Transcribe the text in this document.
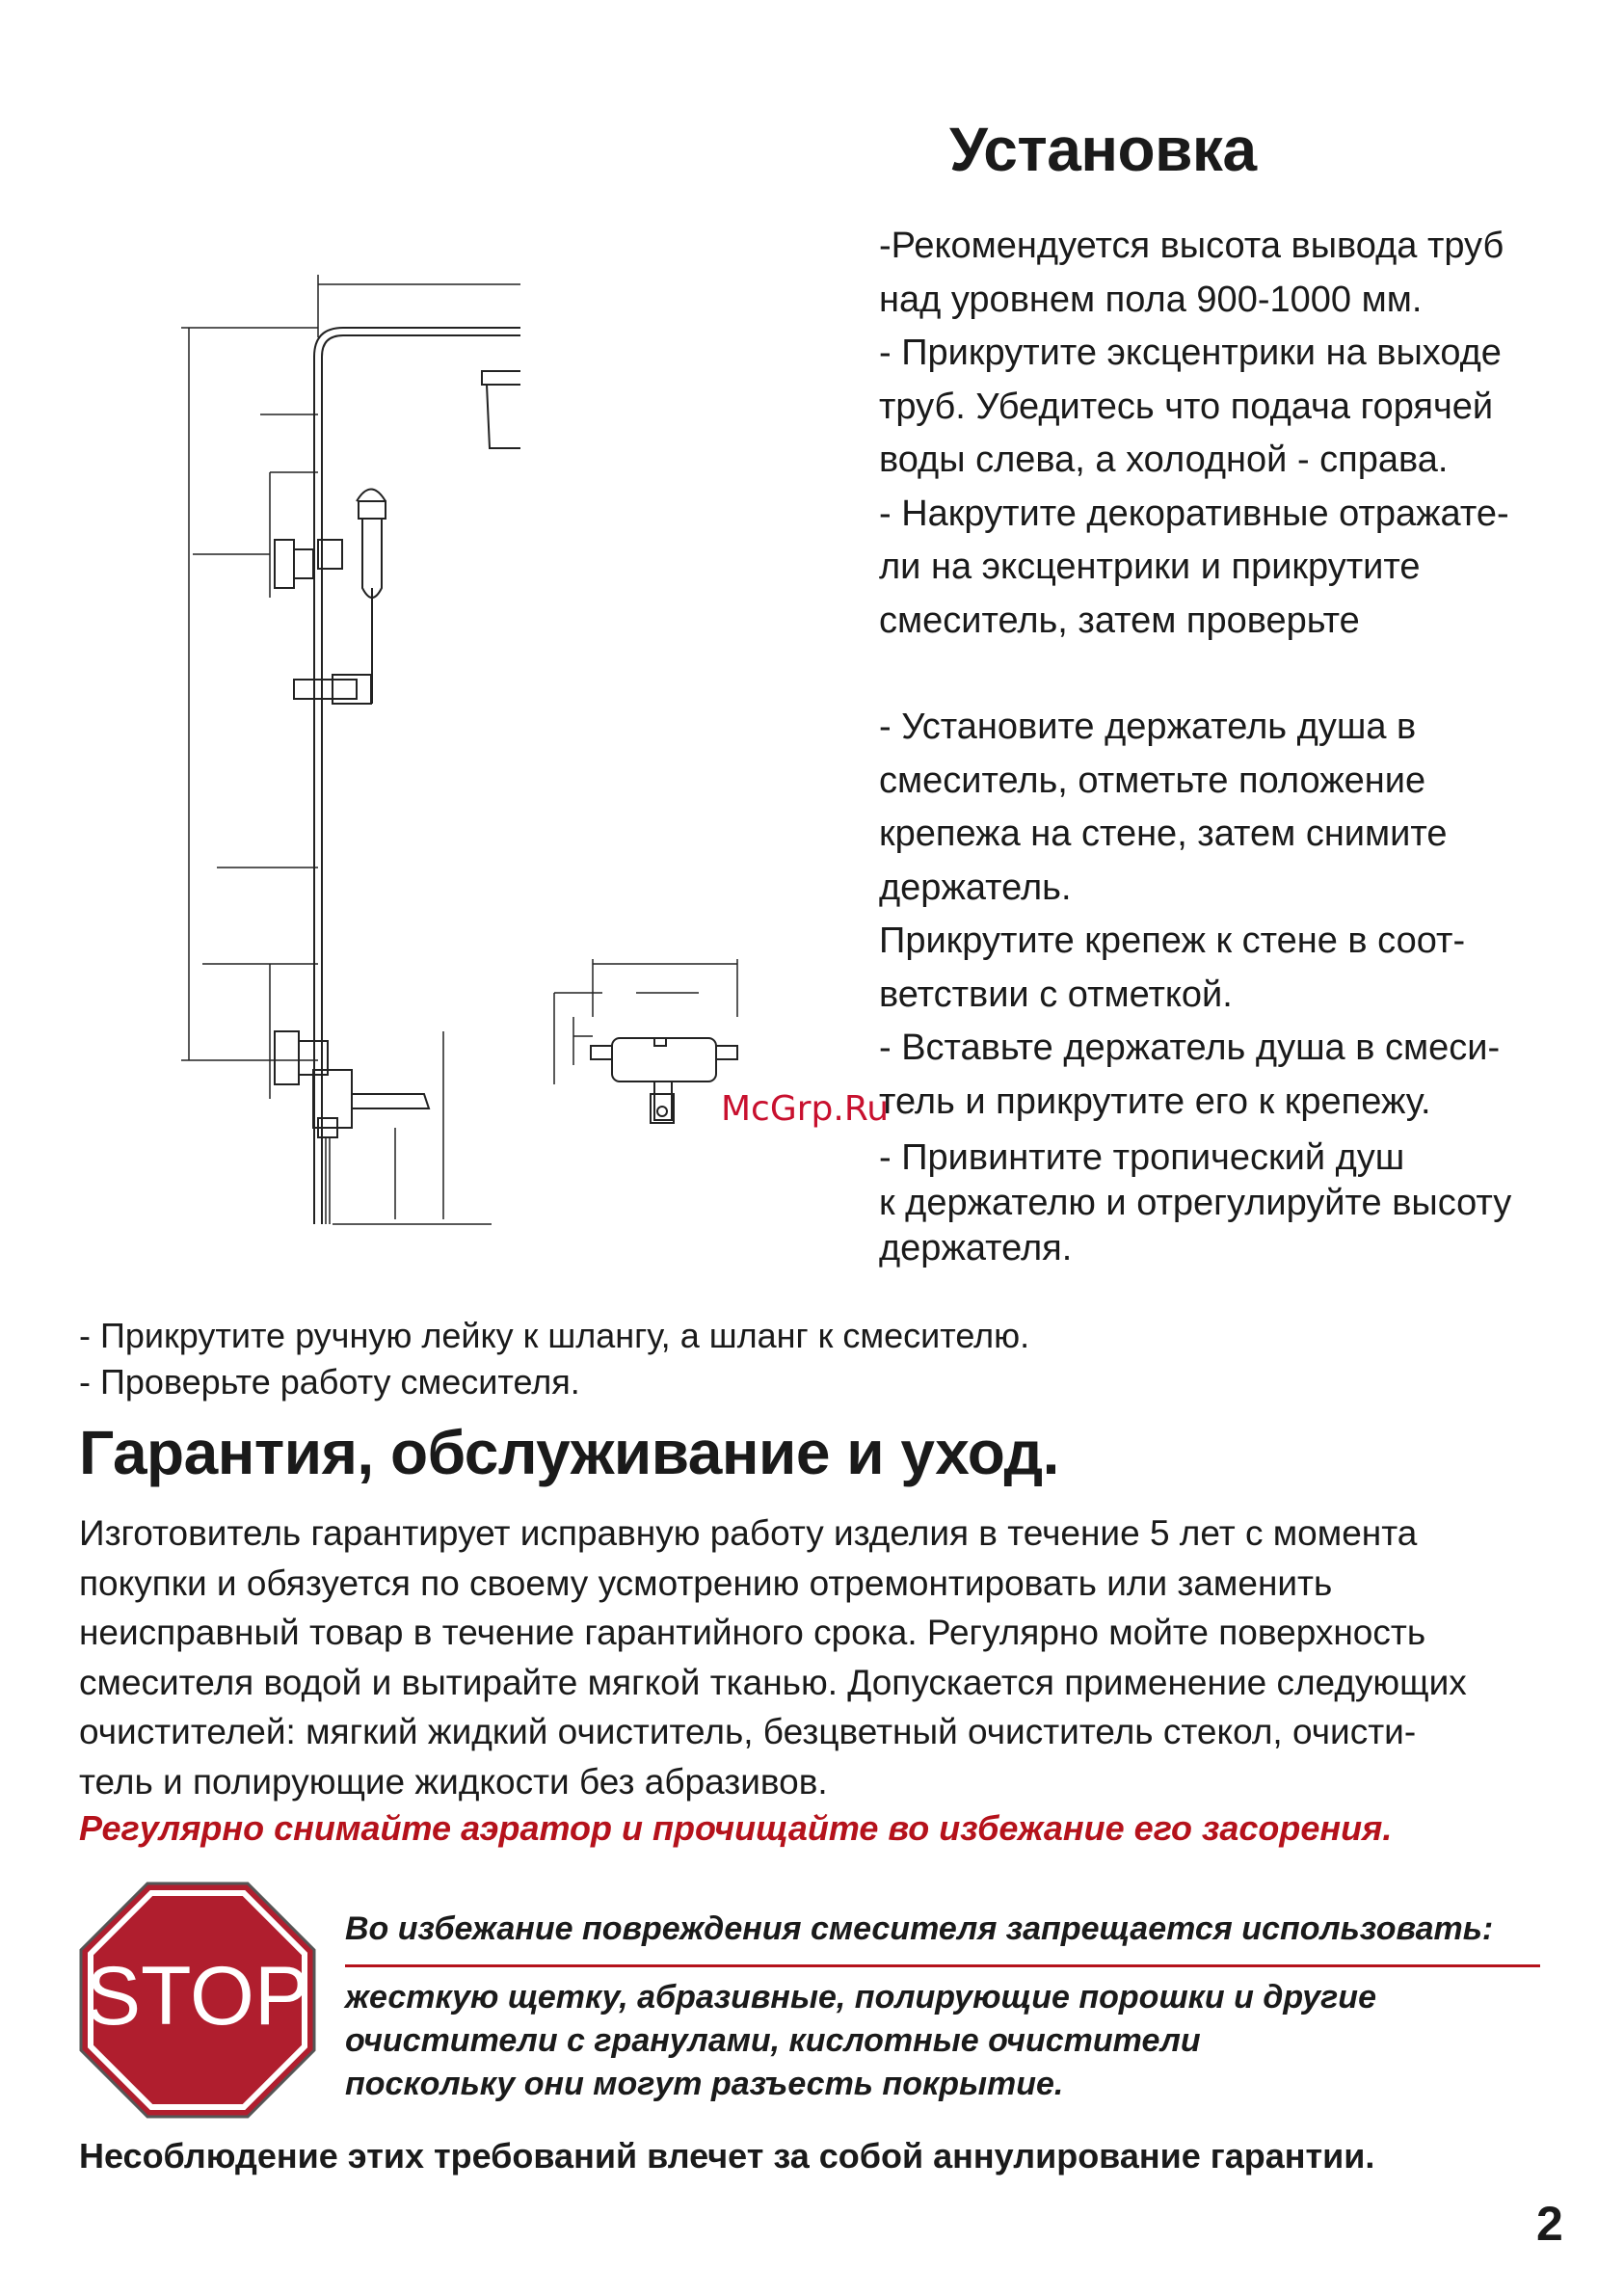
Установка

-Рекомендуется высота вывода труб

над уровнем пола 900-1000 мм.

- Прикрутите эксцентрики на выходе

труб. Убедитесь что подача горячей

воды слева, а холодной - справа.

- Накрутите декоративные отражате-

ли на эксцентрики и прикрутите

смеситель, затем проверьте

- Установите держатель душа в

смеситель, отметьте положение

крепежа на стене, затем снимите

держатель.

Прикрутите крепеж к стене в соот-

ветствии с отметкой.

- Вставьте держатель душа в смеси-

тель и прикрутите его к крепежу.

- Привинтите тропический душ

к держателю и отрегулируйте высоту

держателя.

McGrp.Ru

- Прикрутите ручную лейку к шлангу, а шланг к смесителю.

- Проверьте работу смесителя.

Гарантия, обслуживание и уход.

Изготовитель гарантирует исправную работу изделия в течение 5 лет с момента

покупки и обязуется по своему усмотрению отремонтировать или заменить

неисправный товар в течение гарантийного срока. Регулярно мойте поверхность

смесителя водой и вытирайте мягкой тканью. Допускается применение следующих

очистителей: мягкий жидкий очиститель, безцветный очиститель стекол, очисти-

тель и полирующие жидкости без абразивов.

Регулярно снимайте аэратор и прочищайте во избежание его засорения.
STOP
Во избежание повреждения смесителя запрещается использовать:

жесткую щетку, абразивные, полирующие порошки и другие

очистители с гранулами, кислотные очистители

поскольку они могут разъесть покрытие.

Несоблюдение этих требований влечет за собой аннулирование гарантии.
2
